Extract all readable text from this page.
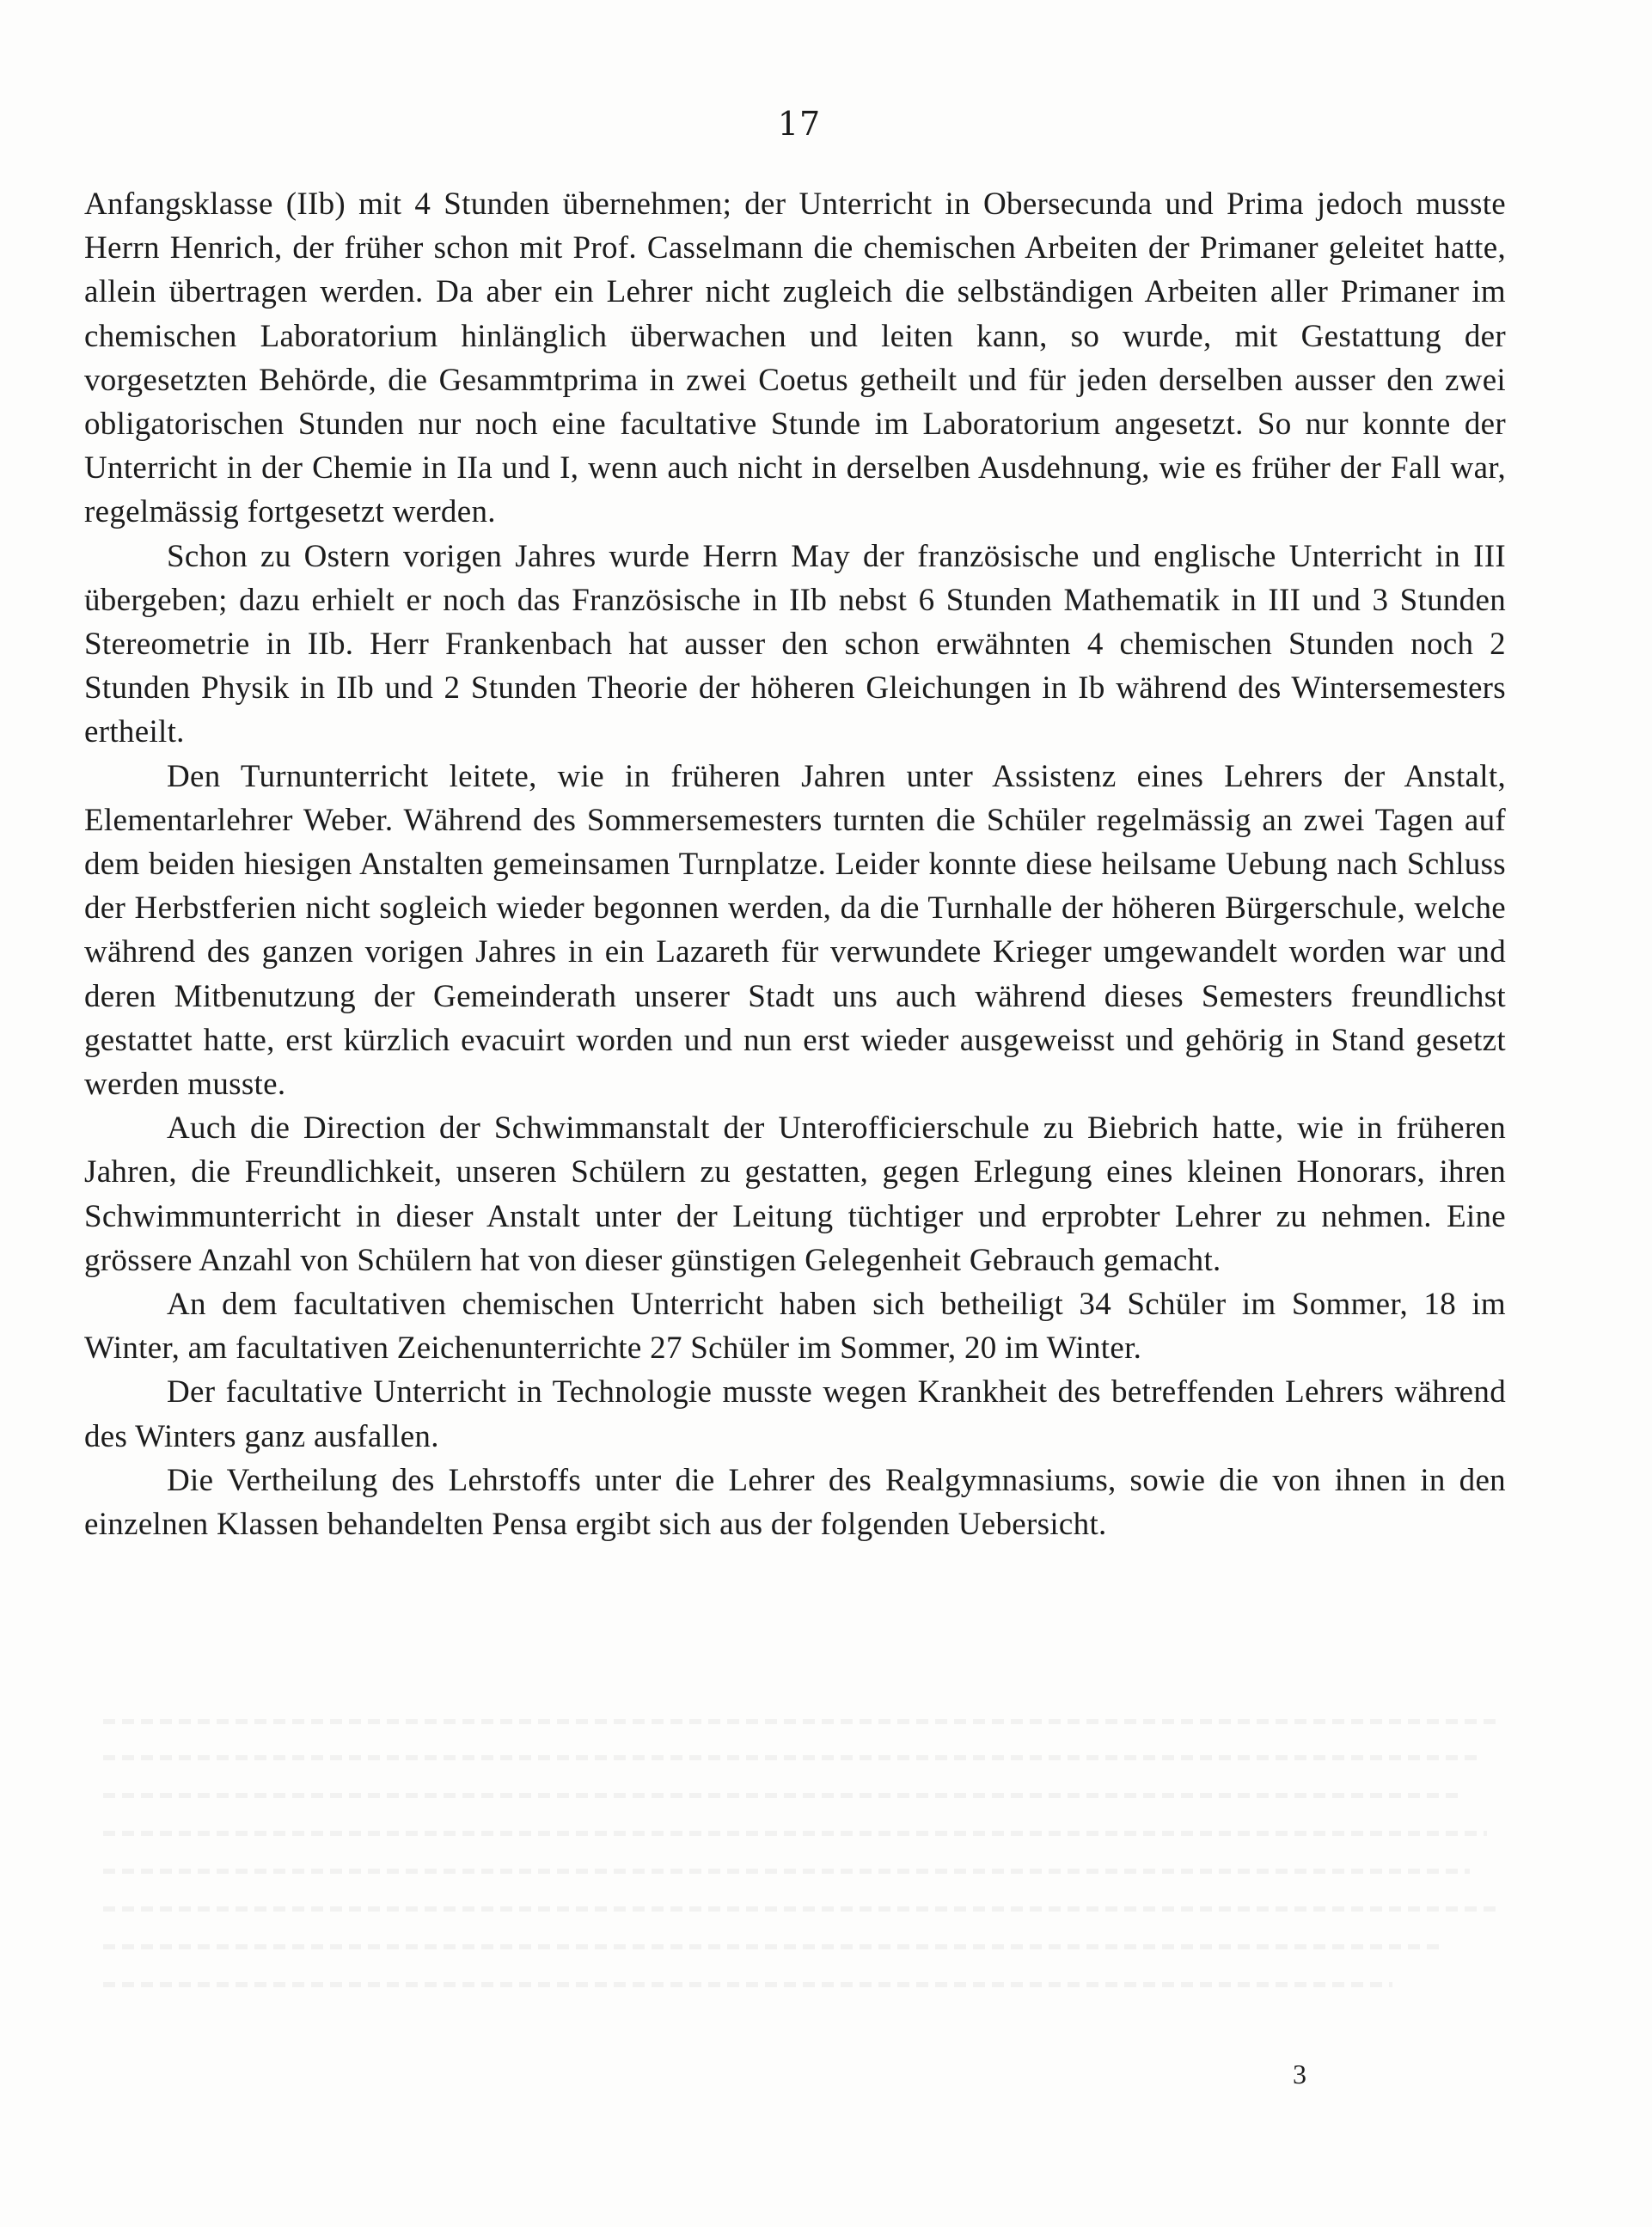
17

Anfangsklasse (IIb) mit 4 Stunden übernehmen; der Unterricht in Obersecunda und Prima jedoch musste Herrn Henrich, der früher schon mit Prof. Casselmann die chemischen Arbeiten der Primaner geleitet hatte, allein übertragen werden. Da aber ein Lehrer nicht zugleich die selbständigen Arbeiten aller Primaner im chemischen Laboratorium hinlänglich überwachen und leiten kann, so wurde, mit Gestattung der vorgesetzten Behörde, die Gesammtprima in zwei Coetus getheilt und für jeden derselben ausser den zwei obligatorischen Stunden nur noch eine facultative Stunde im Laboratorium angesetzt. So nur konnte der Unterricht in der Chemie in IIa und I, wenn auch nicht in derselben Ausdehnung, wie es früher der Fall war, regelmässig fortgesetzt werden.

Schon zu Ostern vorigen Jahres wurde Herrn May der französische und englische Unterricht in III übergeben; dazu erhielt er noch das Französische in IIb nebst 6 Stunden Mathematik in III und 3 Stunden Stereometrie in IIb. Herr Frankenbach hat ausser den schon erwähnten 4 chemischen Stunden noch 2 Stunden Physik in IIb und 2 Stunden Theorie der höheren Gleichungen in Ib während des Wintersemesters ertheilt.

Den Turnunterricht leitete, wie in früheren Jahren unter Assistenz eines Lehrers der Anstalt, Elementarlehrer Weber. Während des Sommersemesters turnten die Schüler regelmässig an zwei Tagen auf dem beiden hiesigen Anstalten gemeinsamen Turnplatze. Leider konnte diese heilsame Uebung nach Schluss der Herbstferien nicht sogleich wieder begonnen werden, da die Turnhalle der höheren Bürgerschule, welche während des ganzen vorigen Jahres in ein Lazareth für verwundete Krieger umgewandelt worden war und deren Mitbenutzung der Gemeinderath unserer Stadt uns auch während dieses Semesters freundlichst gestattet hatte, erst kürzlich evacuirt worden und nun erst wieder ausgeweisst und gehörig in Stand gesetzt werden musste.

Auch die Direction der Schwimmanstalt der Unterofficierschule zu Biebrich hatte, wie in früheren Jahren, die Freundlichkeit, unseren Schülern zu gestatten, gegen Erlegung eines kleinen Honorars, ihren Schwimmunterricht in dieser Anstalt unter der Leitung tüchtiger und erprobter Lehrer zu nehmen. Eine grössere Anzahl von Schülern hat von dieser günstigen Gelegenheit Gebrauch gemacht.

An dem facultativen chemischen Unterricht haben sich betheiligt 34 Schüler im Sommer, 18 im Winter, am facultativen Zeichenunterrichte 27 Schüler im Sommer, 20 im Winter.

Der facultative Unterricht in Technologie musste wegen Krankheit des betreffenden Lehrers während des Winters ganz ausfallen.

Die Vertheilung des Lehrstoffs unter die Lehrer des Realgymnasiums, sowie die von ihnen in den einzelnen Klassen behandelten Pensa ergibt sich aus der folgenden Uebersicht.

3
